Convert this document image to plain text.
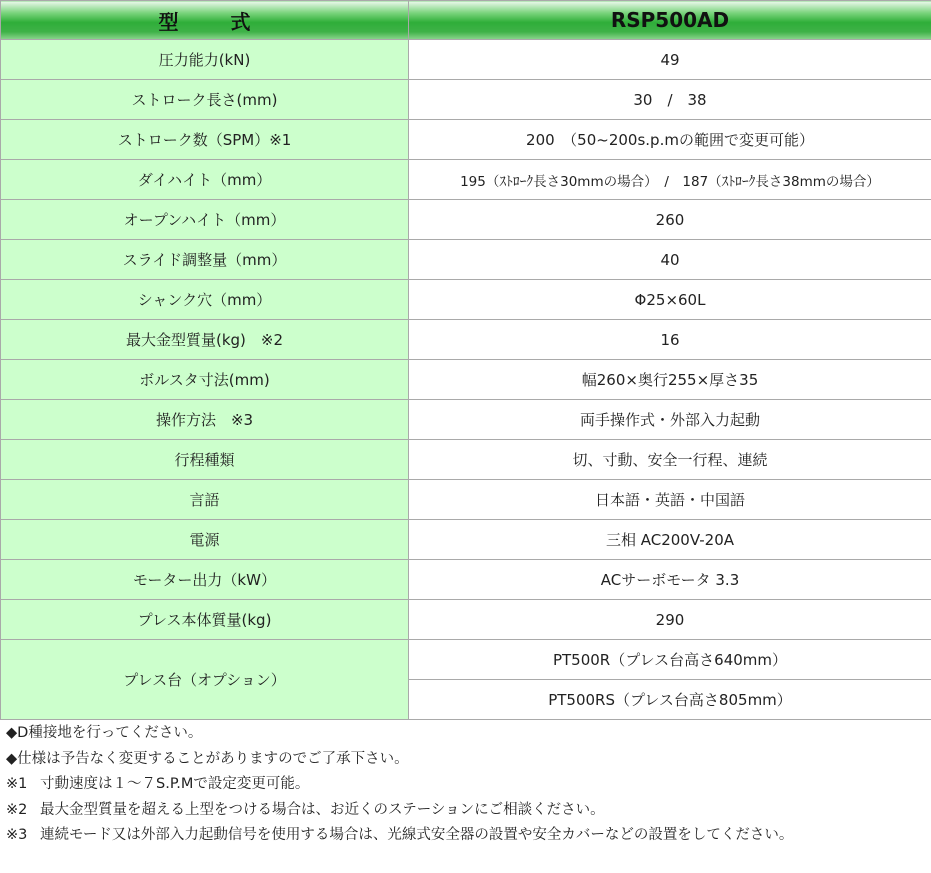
型式	RSP500AD
圧力能力(kN)	49
ストローク長さ(mm)	30　/　38
ストローク数（SPM）※1	200　（50~200s.p.mの範囲で変更可能）
ダイハイト（mm）	195（ｽﾄﾛｰｸ長さ30mmの場合）　/　187（ｽﾄﾛｰｸ長さ38mmの場合）
オープンハイト（mm）	260
スライド調整量（mm）	40
シャンク穴（mm）	Φ25×60L
最大金型質量(kg)　※2	16
ボルスタ寸法(mm)	幅260×奥行255×厚さ35
操作方法　※3	両手操作式・外部入力起動
行程種類	切、寸動、安全一行程、連続
言語	日本語・英語・中国語
電源	三相 AC200V-20A
モーター出力（kW）	ACサーボモータ 3.3
プレス本体質量(kg)	290
プレス台（オプション）	PT500R（プレス台高さ640mm）
	PT500RS（プレス台高さ805mm）
◆D種接地を行ってください。
◆仕様は予告なく変更することがありますのでご了承下さい。
※1 寸動速度は１～７S.P.Mで設定変更可能。
※2 最大金型質量を超える上型をつける場合は、お近くのステーションにご相談ください。
※3 連続モード又は外部入力起動信号を使用する場合は、光線式安全器の設置や安全カバーなどの設置をしてください。
